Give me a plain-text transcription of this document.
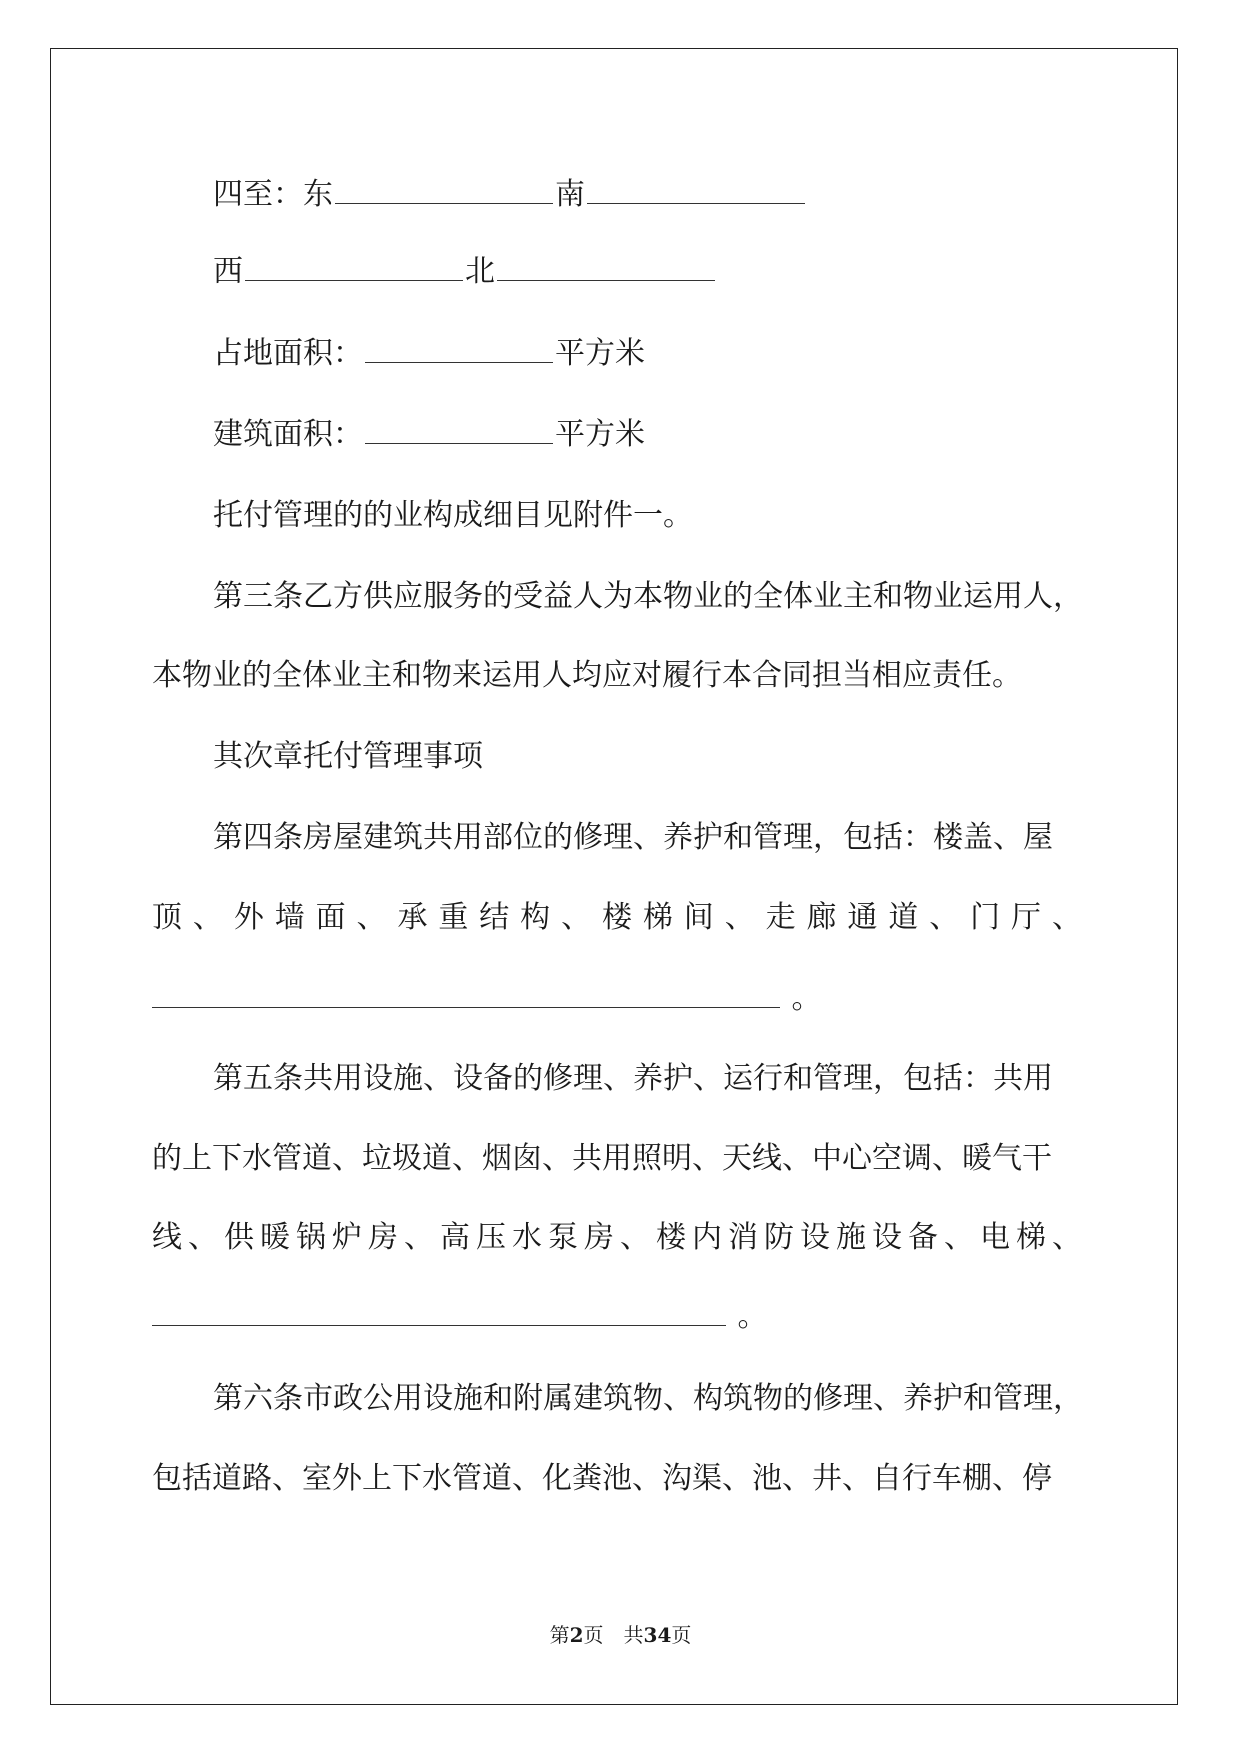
四至：东	南
西	北
占地面积：	平方米
建筑面积：	平方米
托付管理的的业构成细目见附件一。
第三条乙方供应服务的受益人为本物业的全体业主和物业运用人，
本物业的全体业主和物来运用人均应对履行本合同担当相应责任。
其次章托付管理事项
第四条房屋建筑共用部位的修理、养护和管理，包括：楼盖、屋
顶 、 外 墙 面 、 承 重 结 构 、 楼 梯 间 、 走 廊 通 道 、 门 厅 、
。
第五条共用设施、设备的修理、养护、运行和管理，包括：共用
的上下水管道、垃圾道、烟囱、共用照明、天线、中心空调、暖气干
线 、 供 暖 锅 炉 房 、 高 压 水 泵 房 、 楼 内 消 防 设 施 设 备 、 电 梯 、
。
第六条市政公用设施和附属建筑物、构筑物的修理、养护和管理，
包括道路、室外上下水管道、化粪池、沟渠、池、井、自行车棚、停
第2页　共34页
